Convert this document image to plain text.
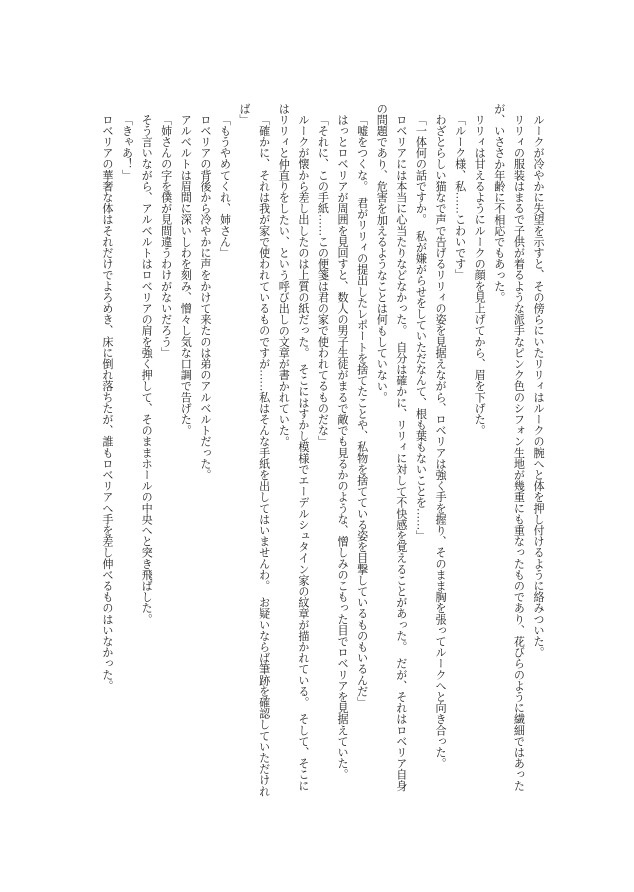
ルークが冷やかに失望を示すと、その傍らにいたリリィはルークの腕へと体を押し付けるように絡みついた。

リリィの服装はまるで子供が着るような派手なピンク色のシフォン生地が幾重にも重なったものであり、花びらのように繊細ではあったが、いささか年齢に不相応でもあった。

リリィは甘えるようにルークの顔を見上げてから、眉を下げた。

「ルーク様、私……こわいです」

わざとらしい猫なで声で告げるリリィの姿を見据えながら、ロベリアは強く手を握り、そのまま胸を張ってルークへと向き合った。

「一体何の話ですか。　私が嫌がらせをしていただなんて、根も葉もないことを……」

ロベリアには本当に心当たりなどなかった。　自分は確かに、リリィに対して不快感を覚えることがあった。　だが、それはロベリア自身の問題であり、危害を加えるようなことは何もしていない。

「嘘をつくな。　君がリリィの提出したレポートを捨てたことや、私物を捨てている姿を目撃しているものもいるんだ」

はっとロベリアが周囲を見回すと、数人の男子生徒がまるで敵でも見るかのような、憎しみのこもった目でロベリアを見据えていた。

「それに、この手紙……この便箋は君の家で使われてるものだな」

ルークが懐から差し出したのは上質の紙だった。　そこにはすかし模様でエーデルシュタイン家の紋章が描かれている。　そして、そこにはリリィと仲直りをしたい、という呼び出しの文章が書かれていた。

「確かに、それは我が家で使われているものですが……私はそんな手紙を出してはいませんわ。　お疑いならば筆跡を確認していただければ」

「もうやめてくれ、姉さん」

ロベリアの背後から冷やかに声をかけて来たのは弟のアルベルトだった。

アルベルトは眉間に深いしわを刻み、憎々し気な口調で告げた。

「姉さんの字を僕が見間違うわけがないだろう」

そう言いながら、アルベルトはロベリアの肩を強く押して、そのままホールの中央へと突き飛ばした。

「きゃあ！」

ロベリアの華奢な体はそれだけでよろめき、床に倒れ落ちたが、誰もロベリアへ手を差し伸べるものはいなかった。
